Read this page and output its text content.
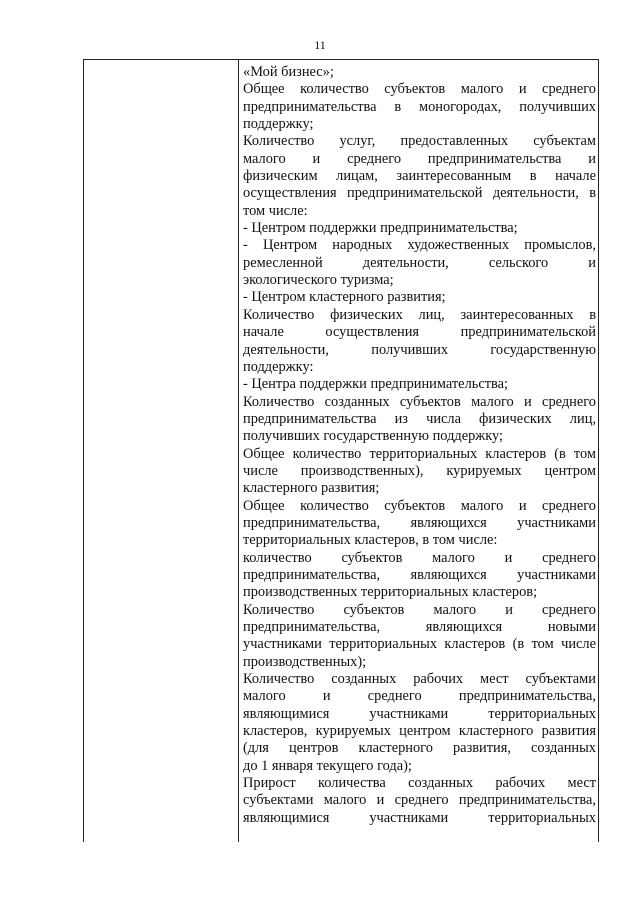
11
«Мой бизнес»;
Общее количество субъектов малого и среднего
предпринимательства в моногородах, получивших
поддержку;
Количество услуг, предоставленных субъектам
малого и среднего предпринимательства и
физическим лицам, заинтересованным в начале
осуществления предпринимательской деятельности, в
том числе:
- Центром поддержки предпринимательства;
- Центром народных художественных промыслов,
ремесленной деятельности, сельского и
экологического туризма;
- Центром кластерного развития;
Количество физических лиц, заинтересованных в
начале осуществления предпринимательской
деятельности, получивших государственную
поддержку:
- Центра поддержки предпринимательства;
Количество созданных субъектов малого и среднего
предпринимательства из числа физических лиц,
получивших государственную поддержку;
Общее количество территориальных кластеров (в том
числе производственных), курируемых центром
кластерного развития;
Общее количество субъектов малого и среднего
предпринимательства, являющихся участниками
территориальных кластеров, в том числе:
количество субъектов малого и среднего
предпринимательства, являющихся участниками
производственных территориальных кластеров;
Количество субъектов малого и среднего
предпринимательства, являющихся новыми
участниками территориальных кластеров (в том числе
производственных);
Количество созданных рабочих мест субъектами
малого и среднего предпринимательства,
являющимися участниками территориальных
кластеров, курируемых центром кластерного развития
(для центров кластерного развития, созданных
до 1 января текущего года);
Прирост количества созданных рабочих мест
субъектами малого и среднего предпринимательства,
являющимися участниками территориальных
